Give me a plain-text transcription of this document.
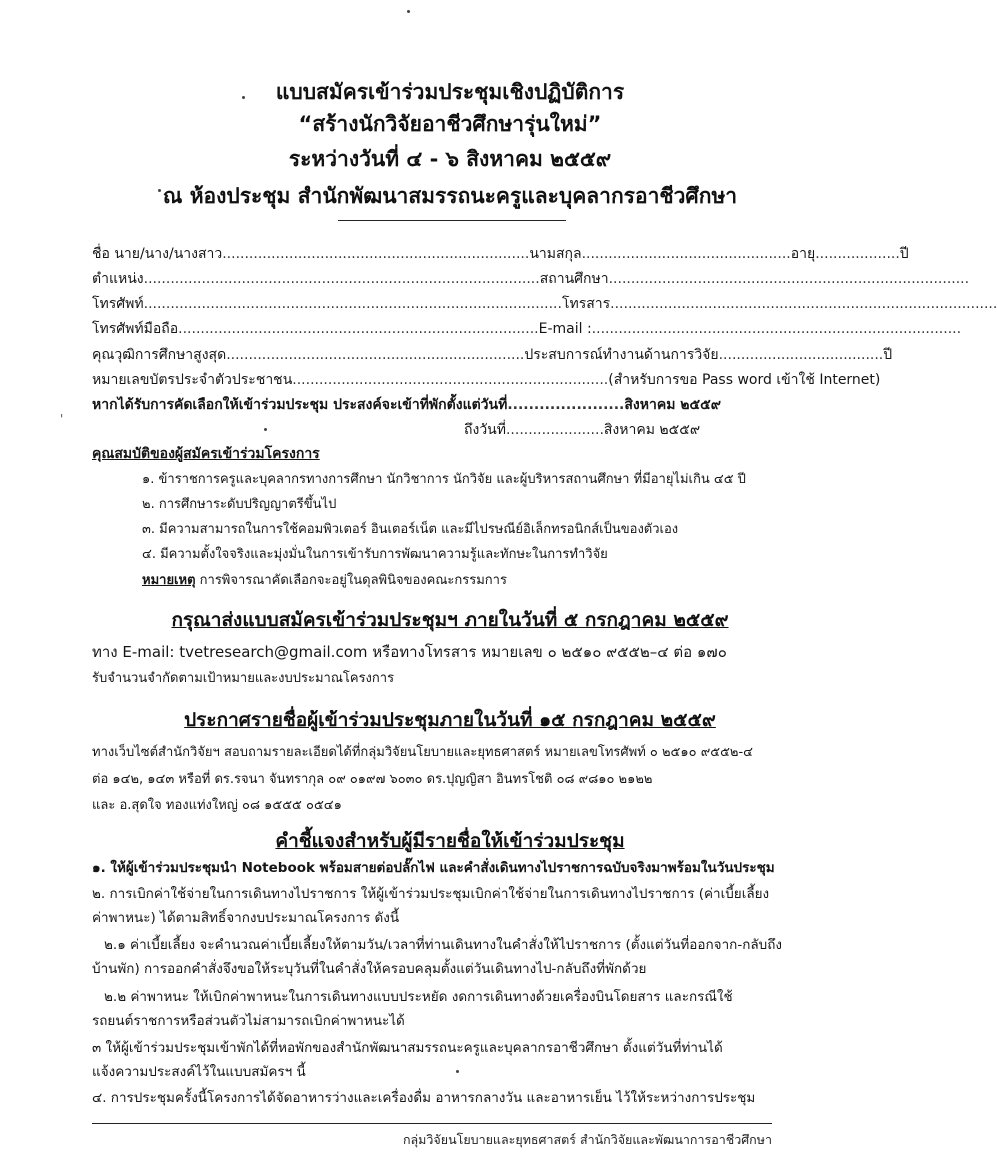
แบบสมัครเข้าร่วมประชุมเชิงปฏิบัติการ
“สร้างนักวิจัยอาชีวศึกษารุ่นใหม่”
ระหว่างวันที่ ๔ - ๖ สิงหาคม ๒๕๕๙
ณ ห้องประชุม สำนักพัฒนาสมรรถนะครูและบุคลากรอาชีวศึกษา
ชื่อ นาย/นาง/นางสาว.....................................................................นามสกุล...............................................อายุ...................ปี
ตำแหน่ง.........................................................................................สถานศึกษา.................................................................................
โทรศัพท์..............................................................................................โทรสาร.......................................................................................
โทรศัพท์มือถือ.................................................................................E-mail :...................................................................................
คุณวุฒิการศึกษาสูงสุด...................................................................ประสบการณ์ทำงานด้านการวิจัย.....................................ปี
หมายเลขบัตรประจำตัวประชาชน.......................................................................(สำหรับการขอ Pass word เข้าใช้ Internet)
หากได้รับการคัดเลือกให้เข้าร่วมประชุม ประสงค์จะเข้าที่พักตั้งแต่วันที่......................สิงหาคม ๒๕๕๙
ถึงวันที่......................สิงหาคม ๒๕๕๙
คุณสมบัติของผู้สมัครเข้าร่วมโครงการ
๑. ข้าราชการครูและบุคลากรทางการศึกษา นักวิชาการ นักวิจัย และผู้บริหารสถานศึกษา ที่มีอายุไม่เกิน ๔๕ ปี
๒. การศึกษาระดับปริญญาตรีขึ้นไป
๓. มีความสามารถในการใช้คอมพิวเตอร์ อินเตอร์เน็ต และมีไปรษณีย์อิเล็กทรอนิกส์เป็นของตัวเอง
๔. มีความตั้งใจจริงและมุ่งมั่นในการเข้ารับการพัฒนาความรู้และทักษะในการทำวิจัย
หมายเหตุ การพิจารณาคัดเลือกจะอยู่ในดุลพินิจของคณะกรรมการ
กรุณาส่งแบบสมัครเข้าร่วมประชุมฯ ภายในวันที่ ๕ กรกฎาคม ๒๕๕๙
ทาง E-mail: tvetresearch@gmail.com หรือทางโทรสาร หมายเลข ๐ ๒๕๑๐ ๙๕๕๒–๔ ต่อ ๑๗๐
รับจำนวนจำกัดตามเป้าหมายและงบประมาณโครงการ
ประกาศรายชื่อผู้เข้าร่วมประชุมภายในวันที่ ๑๕ กรกฎาคม ๒๕๕๙
ทางเว็บไซต์สำนักวิจัยฯ สอบถามรายละเอียดได้ที่กลุ่มวิจัยนโยบายและยุทธศาสตร์ หมายเลขโทรศัพท์ ๐ ๒๕๑๐ ๙๕๕๒-๔
ต่อ ๑๔๒, ๑๔๓ หรือที่ ดร.รจนา จันทรากุล ๐๙ ๐๑๙๗ ๖๐๓๐ ดร.ปุญญิสา อินทรโชติ ๐๘ ๙๘๑๐ ๒๑๒๒
และ อ.สุดใจ ทองแท่งใหญ่ ๐๘ ๑๕๕๕ ๐๕๔๑
คำชี้แจงสำหรับผู้มีรายชื่อให้เข้าร่วมประชุม
๑. ให้ผู้เข้าร่วมประชุมนำ Notebook พร้อมสายต่อปลั๊กไฟ และคำสั่งเดินทางไปราชการฉบับจริงมาพร้อมในวันประชุม
๒. การเบิกค่าใช้จ่ายในการเดินทางไปราชการ ให้ผู้เข้าร่วมประชุมเบิกค่าใช้จ่ายในการเดินทางไปราชการ (ค่าเบี้ยเลี้ยง
ค่าพาหนะ) ได้ตามสิทธิ์จากงบประมาณโครงการ ดังนี้
๒.๑ ค่าเบี้ยเลี้ยง จะคำนวณค่าเบี้ยเลี้ยงให้ตามวัน/เวลาที่ท่านเดินทางในคำสั่งให้ไปราชการ (ตั้งแต่วันที่ออกจาก-กลับถึง
บ้านพัก) การออกคำสั่งจึงขอให้ระบุวันที่ในคำสั่งให้ครอบคลุมตั้งแต่วันเดินทางไป-กลับถึงที่พักด้วย
๒.๒ ค่าพาหนะ ให้เบิกค่าพาหนะในการเดินทางแบบประหยัด งดการเดินทางด้วยเครื่องบินโดยสาร และกรณีใช้
รถยนต์ราชการหรือส่วนตัวไม่สามารถเบิกค่าพาหนะได้
๓ ให้ผู้เข้าร่วมประชุมเข้าพักได้ที่หอพักของสำนักพัฒนาสมรรถนะครูและบุคลากรอาชีวศึกษา ตั้งแต่วันที่ท่านได้
แจ้งความประสงค์ไว้ในแบบสมัครฯ นี้
๔. การประชุมครั้งนี้โครงการได้จัดอาหารว่างและเครื่องดื่ม อาหารกลางวัน และอาหารเย็น ไว้ให้ระหว่างการประชุม
กลุ่มวิจัยนโยบายและยุทธศาสตร์ สำนักวิจัยและพัฒนาการอาชีวศึกษา
'
